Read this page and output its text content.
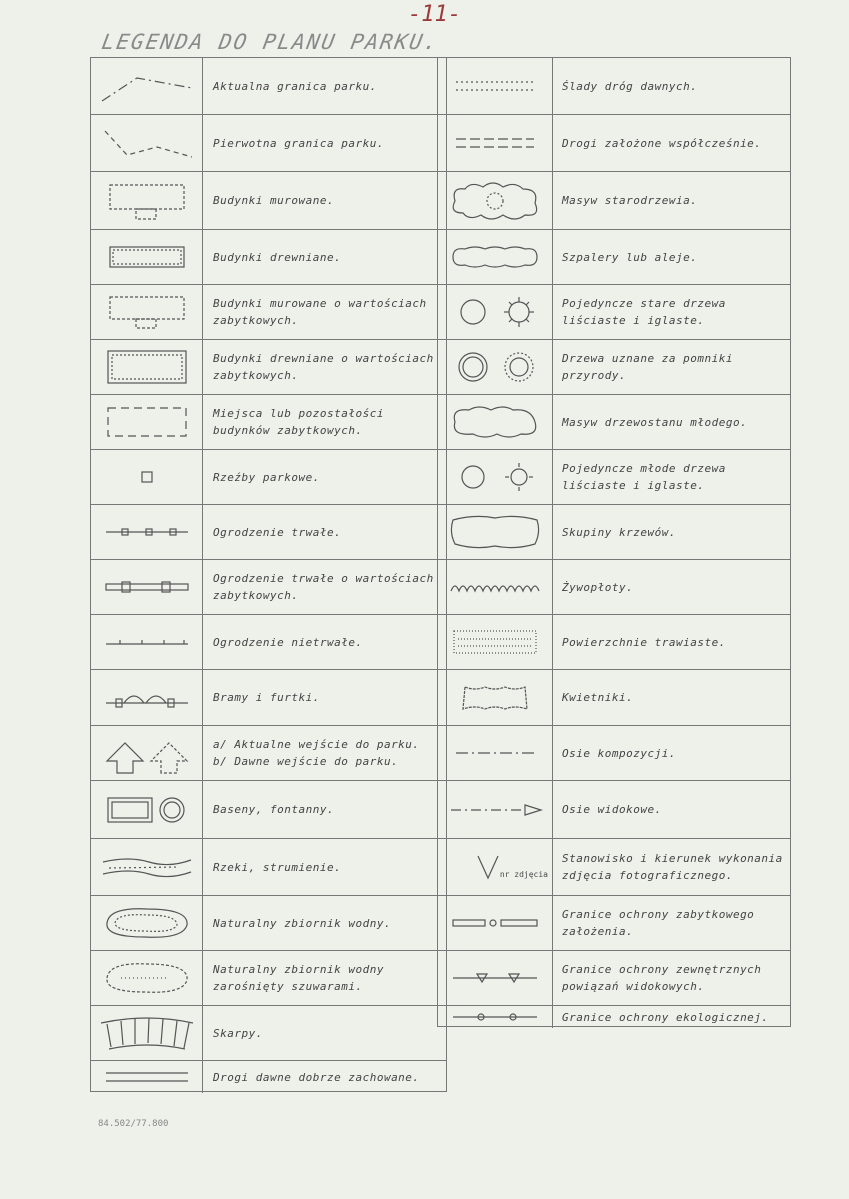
-11-
LEGENDA DO PLANU PARKU.
Aktualna granica parku.
Pierwotna granica parku.
Budynki murowane.
Budynki drewniane.
Budynki murowane o wartościach zabytkowych.
Budynki drewniane o wartościach zabytkowych.
Miejsca lub pozostałości budynków zabytkowych.
Rzeźby parkowe.
Ogrodzenie trwałe.
Ogrodzenie trwałe o wartościach zabytkowych.
Ogrodzenie nietrwałe.
Bramy i furtki.
a/ Aktualne wejście do parku.
b/ Dawne wejście do parku.
Baseny, fontanny.
Rzeki, strumienie.
Naturalny zbiornik wodny.
Naturalny zbiornik wodny zarośnięty szuwarami.
Skarpy.
Drogi dawne dobrze zachowane.
Ślady dróg dawnych.
Drogi założone współcześnie.
Masyw starodrzewia.
Szpalery lub aleje.
Pojedyncze stare drzewa liściaste i iglaste.
Drzewa uznane za pomniki przyrody.
Masyw drzewostanu młodego.
Pojedyncze młode drzewa liściaste i iglaste.
Skupiny krzewów.
Żywopłoty.
Powierzchnie trawiaste.
Kwietniki.
Osie kompozycji.
Osie widokowe.
nr zdjęcia
Stanowisko i kierunek wykonania zdjęcia fotograficznego.
Granice ochrony zabytkowego założenia.
Granice ochrony zewnętrznych powiązań widokowych.
Granice ochrony ekologicznej.
84.502/77.800
